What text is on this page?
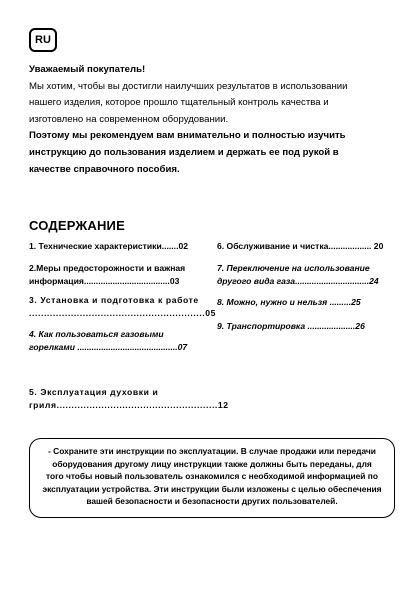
RU

Уважаемый покупатель!

Мы хотим, чтобы вы достигли наилучших результатов в использовании

нашего изделия, которое прошло тщательный контроль качества и

изготовлено на современном оборудовании.

Поэтому мы рекомендуем вам внимательно и полностью изучить

инструкцию до пользования изделием и держать ее под рукой в

качестве справочного пособия.

СОДЕРЖАНИЕ
1. Технические характеристики.......02
2.Меры предосторожности и важная
информация....................................03
3. Установка и подготовка к работе
...........................................................05
4. Как пользоваться газовыми
горелками ..........................................07
5. Эксплуатация духовки и
гриля......................................................12
6. Обслуживание и чистка.................. 20
7. Переключение на использование
другого вида газа...............................24
8. Можно, нужно и нельзя .........25
9. Транспортировка ....................26
- Сохраните эти инструкции по эксплуатации. В случае продажи или передачи
оборудования другому лицу инструкции также должны быть переданы, для
того чтобы новый пользователь ознакомился с необходимой информацией по
эксплуатации устройства. Эти инструкции были изложены с целью обеспечения
вашей безопасности и безопасности других пользователей.
